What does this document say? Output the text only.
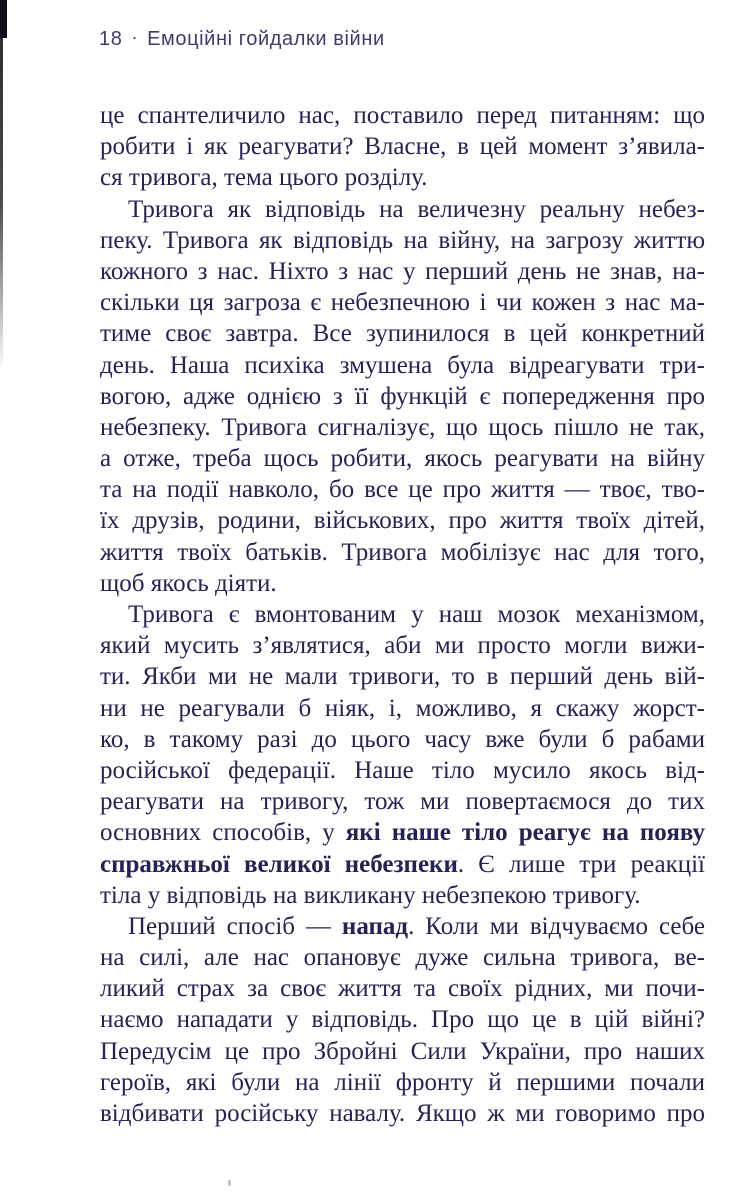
18 · Емоційні гойдалки війни
це спантеличило нас, поставило перед питанням: що
робити і як реагувати? Власне, в цей момент з’явила-
ся тривога, тема цього розділу.
Тривога як відповідь на величезну реальну небез-
пеку. Тривога як відповідь на війну, на загрозу життю
кожного з нас. Ніхто з нас у перший день не знав, на-
скільки ця загроза є небезпечною і чи кожен з нас ма-
тиме своє завтра. Все зупинилося в цей конкретний
день. Наша психіка змушена була відреагувати три-
вогою, адже однією з її функцій є попередження про
небезпеку. Тривога сигналізує, що щось пішло не так,
а отже, треба щось робити, якось реагувати на війну
та на події навколо, бо все це про життя — твоє, тво-
їх друзів, родини, військових, про життя твоїх дітей,
життя твоїх батьків. Тривога мобілізує нас для того,
щоб якось діяти.
Тривога є вмонтованим у наш мозок механізмом,
який мусить з’являтися, аби ми просто могли вижи-
ти. Якби ми не мали тривоги, то в перший день вій-
ни не реагували б ніяк, і, можливо, я скажу жорст-
ко, в такому разі до цього часу вже були б рабами
російської федерації. Наше тіло мусило якось від-
реагувати на тривогу, тож ми повертаємося до тих
основних способів, у які наше тіло реагує на появу
справжньої великої небезпеки. Є лише три реакції
тіла у відповідь на викликану небезпекою тривогу.
Перший спосіб — напад. Коли ми відчуваємо себе
на силі, але нас опановує дуже сильна тривога, ве-
ликий страх за своє життя та своїх рідних, ми почи-
наємо нападати у відповідь. Про що це в цій війні?
Передусім це про Збройні Сили України, про наших
героїв, які були на лінії фронту й першими почали
відбивати російську навалу. Якщо ж ми говоримо про
